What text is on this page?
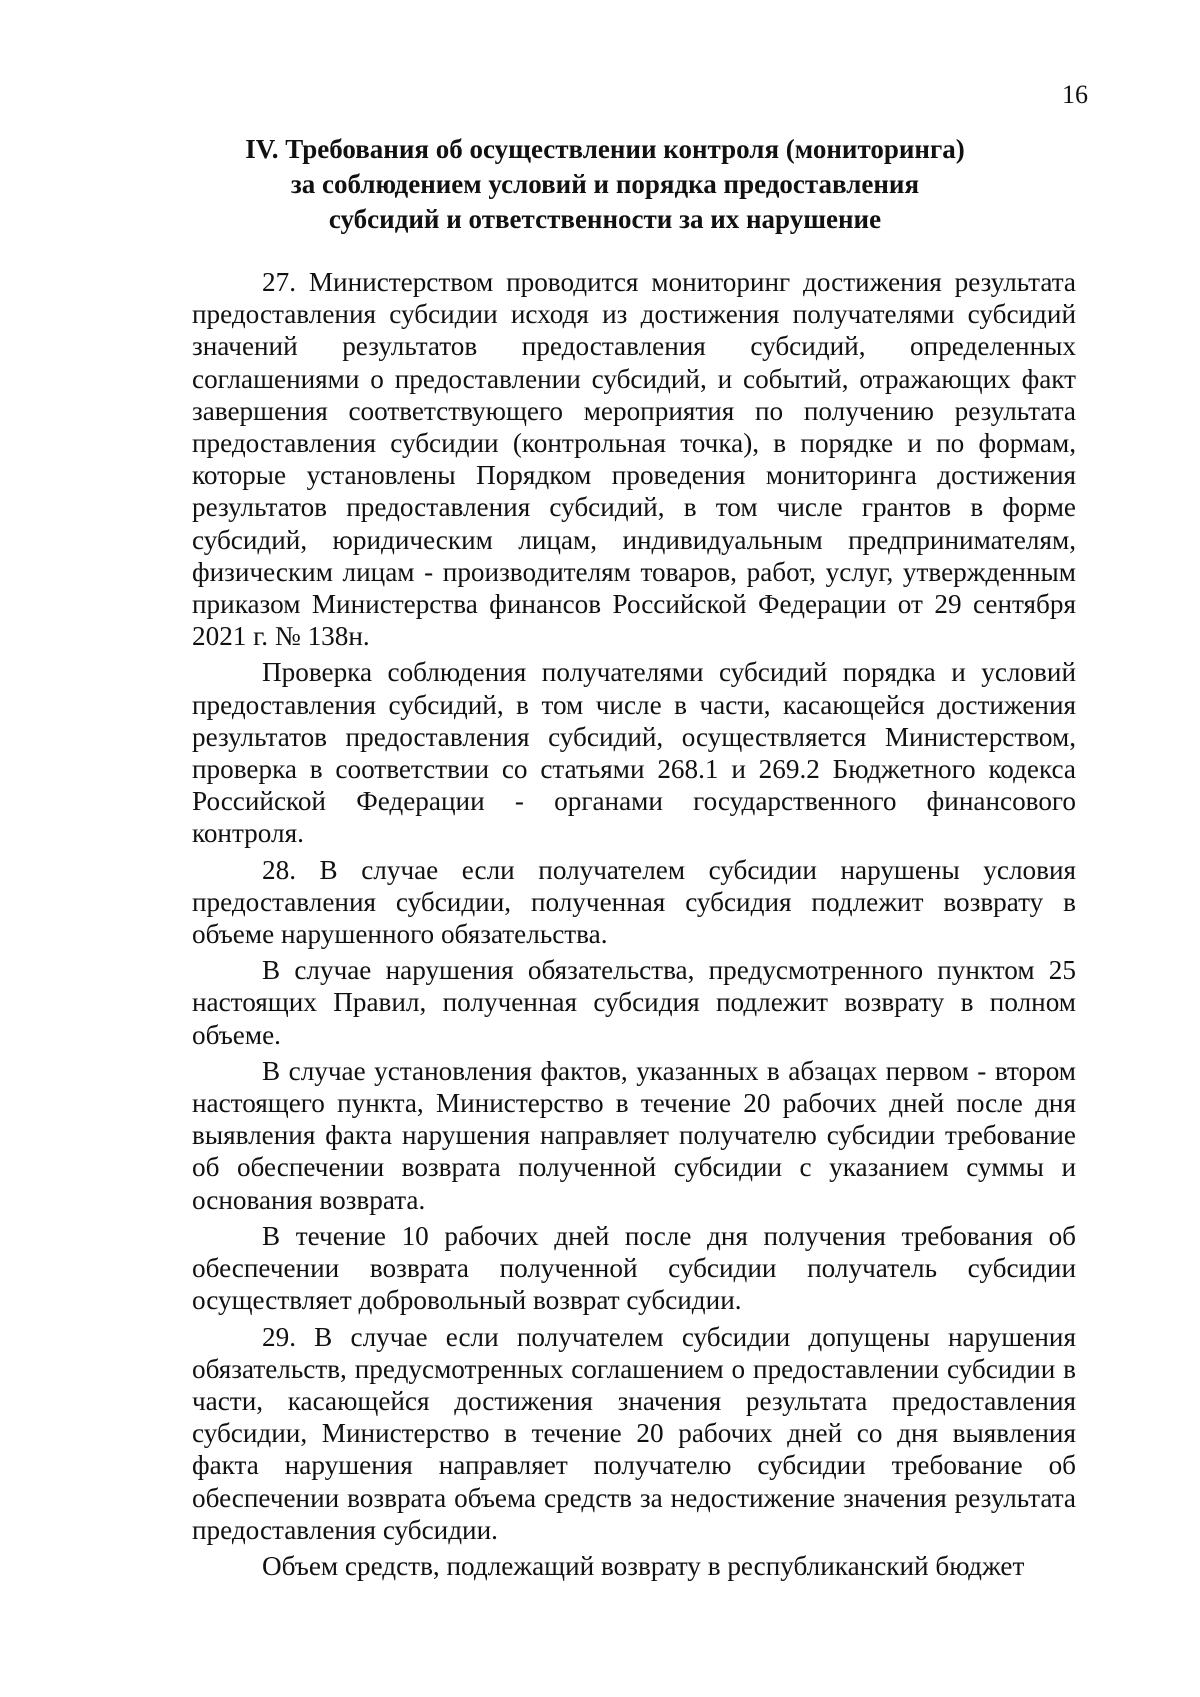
16
IV. Требования об осуществлении контроля (мониторинга)
за соблюдением условий и порядка предоставления
субсидий и ответственности за их нарушение

27. Министерством проводится мониторинг достижения результата предоставления субсидии исходя из достижения получателями субсидий значений результатов предоставления субсидий, определенных соглашениями о предоставлении субсидий, и событий, отражающих факт завершения соответствующего мероприятия по получению результата предоставления субсидии (контрольная точка), в порядке и по формам, которые установлены Порядком проведения мониторинга достижения результатов предоставления субсидий, в том числе грантов в форме субсидий, юридическим лицам, индивидуальным предпринимателям, физическим лицам - производителям товаров, работ, услуг, утвержденным приказом Министерства финансов Российской Федерации от 29 сентября 2021 г. № 138н.

Проверка соблюдения получателями субсидий порядка и условий предоставления субсидий, в том числе в части, касающейся достижения результатов предоставления субсидий, осуществляется Министерством, проверка в соответствии со статьями 268.1 и 269.2 Бюджетного кодекса Российской Федерации - органами государственного финансового контроля.

28. В случае если получателем субсидии нарушены условия предоставления субсидии, полученная субсидия подлежит возврату в объеме нарушенного обязательства.

В случае нарушения обязательства, предусмотренного пунктом 25 настоящих Правил, полученная субсидия подлежит возврату в полном объеме.

В случае установления фактов, указанных в абзацах первом - втором настоящего пункта, Министерство в течение 20 рабочих дней после дня выявления факта нарушения направляет получателю субсидии требование об обеспечении возврата полученной субсидии с указанием суммы и основания возврата.

В течение 10 рабочих дней после дня получения требования об обеспечении возврата полученной субсидии получатель субсидии осуществляет добровольный возврат субсидии.

29. В случае если получателем субсидии допущены нарушения обязательств, предусмотренных соглашением о предоставлении субсидии в части, касающейся достижения значения результата предоставления субсидии, Министерство в течение 20 рабочих дней со дня выявления факта нарушения направляет получателю субсидии требование об обеспечении возврата объема средств за недостижение значения результата предоставления субсидии.

Объем средств, подлежащий возврату в республиканский бюджет
